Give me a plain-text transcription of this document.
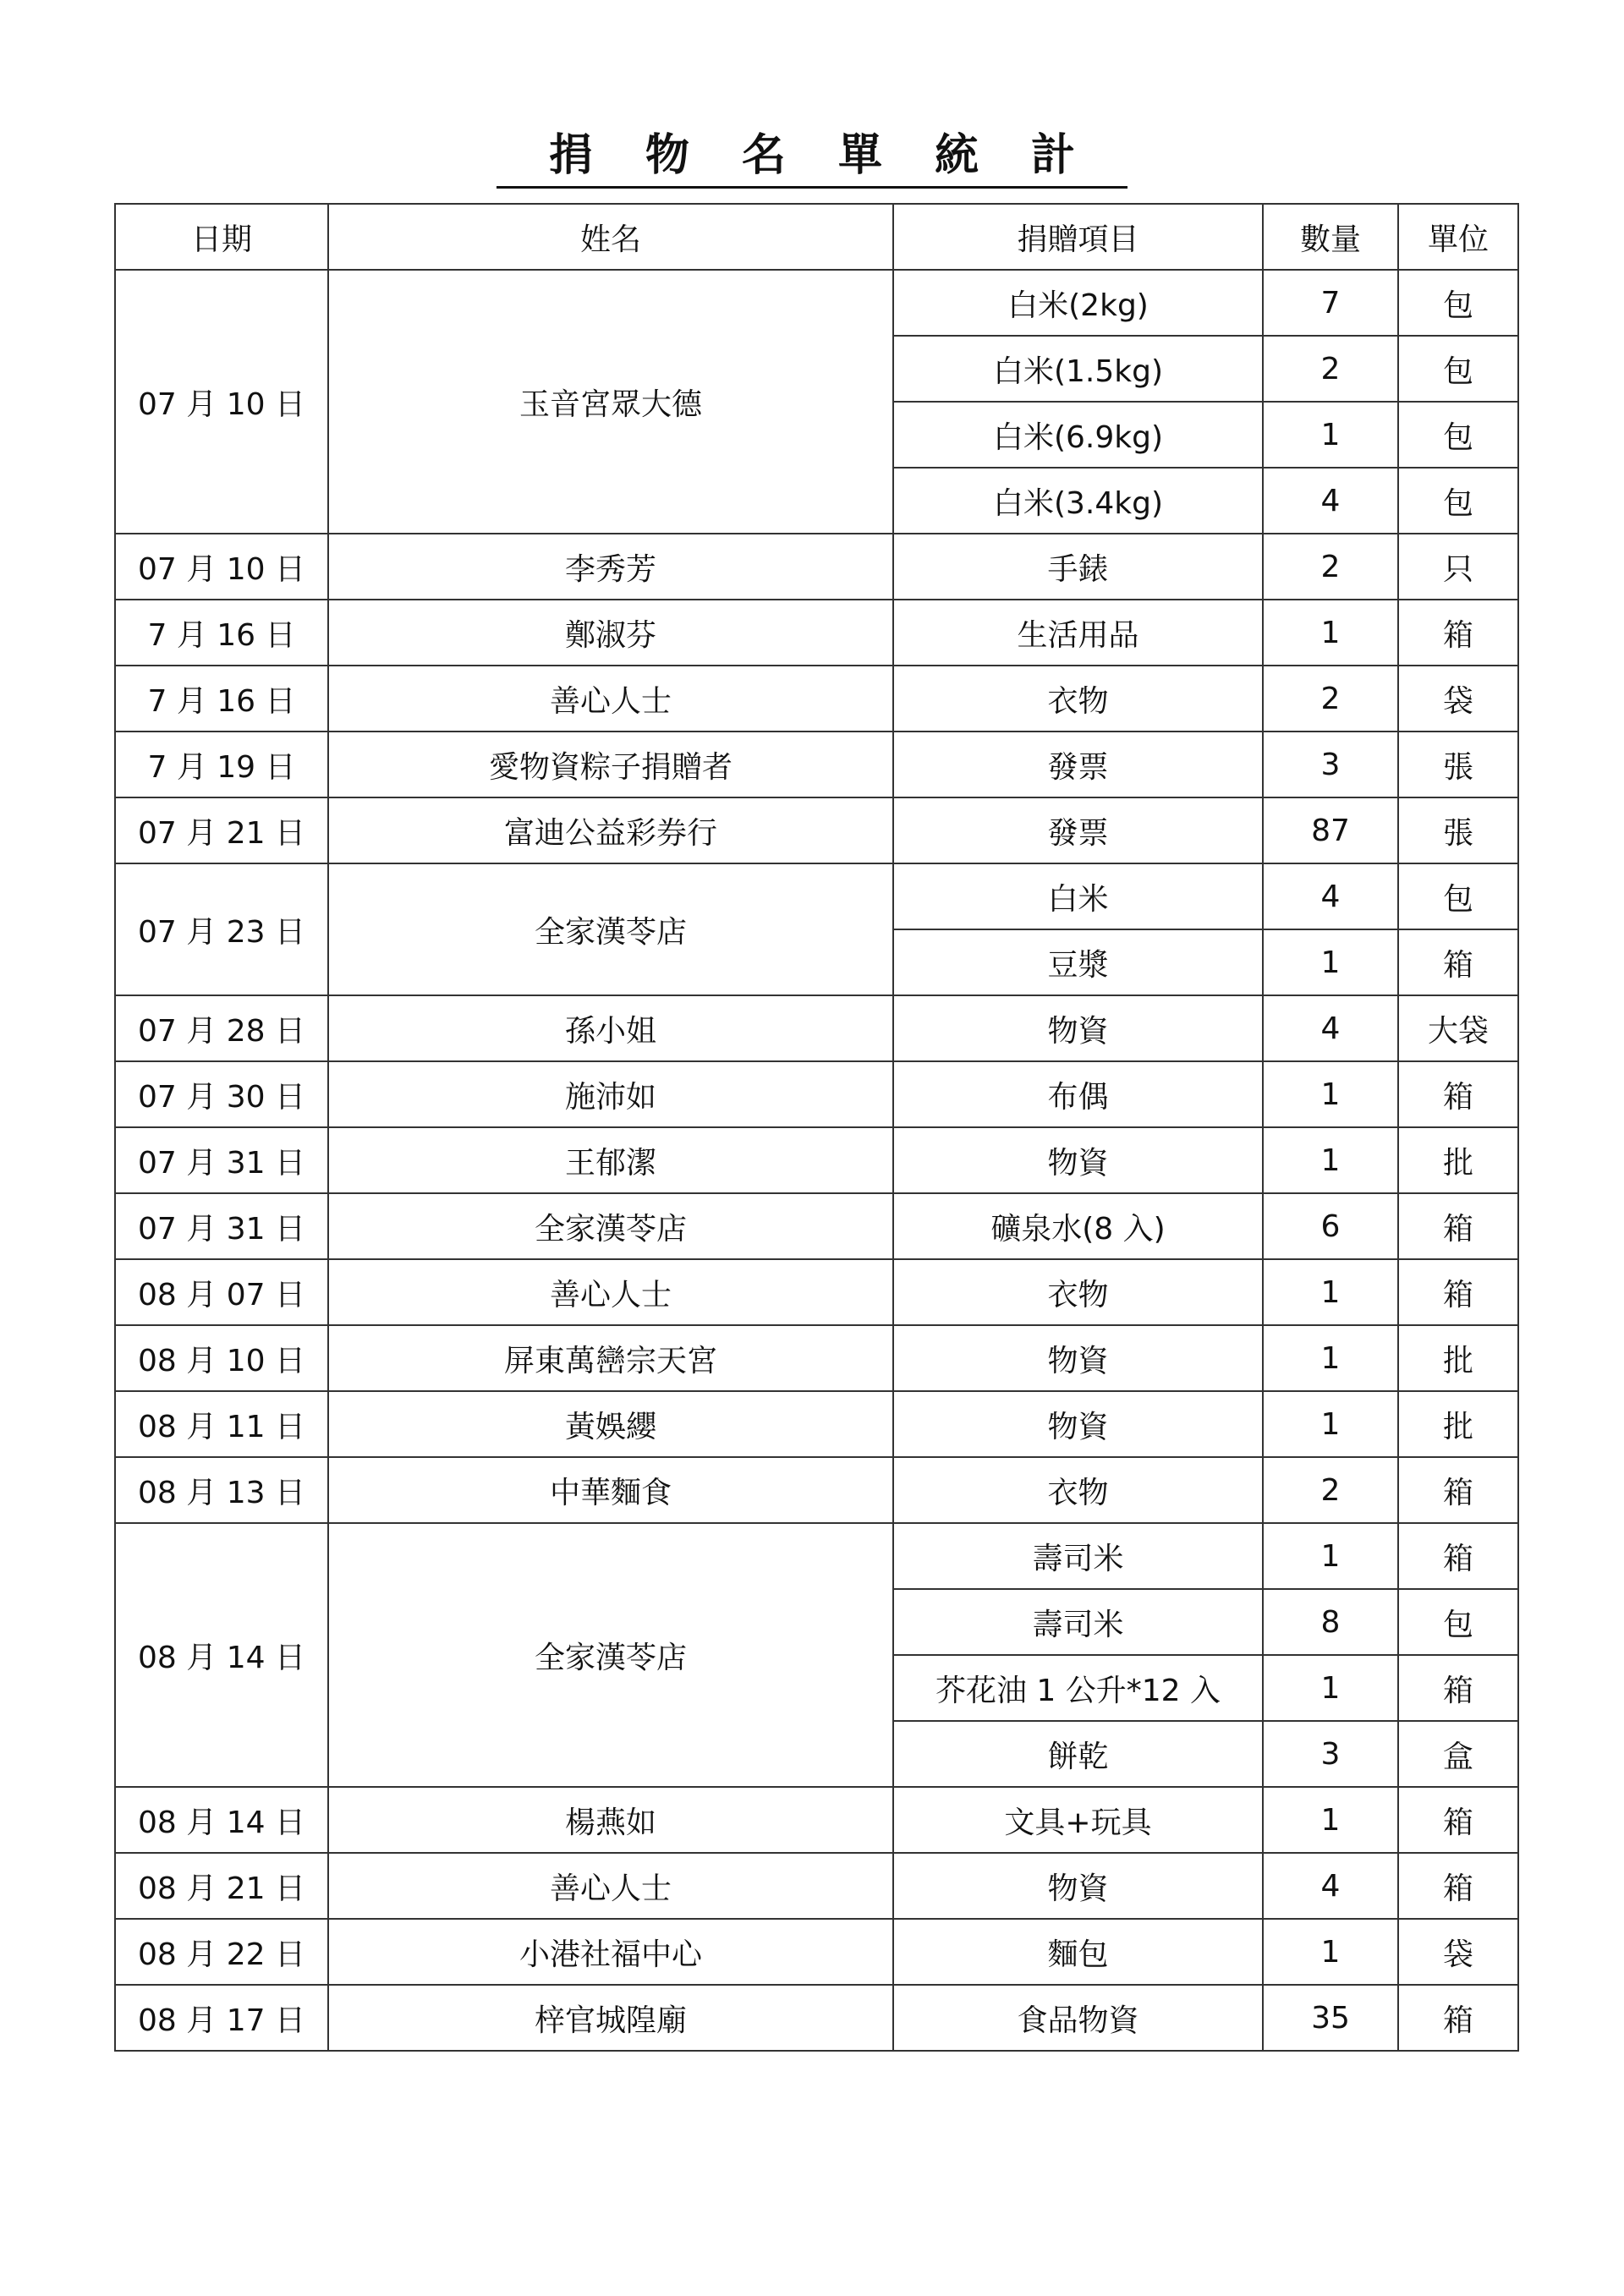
捐物名單統計
日期	姓名	捐贈項目	數量	單位
07 月 10 日	玉音宮眾大德	白米(2kg)	7	包
		白米(1.5kg)	2	包
		白米(6.9kg)	1	包
		白米(3.4kg)	4	包
07 月 10 日	李秀芳	手錶	2	只
7 月 16 日	鄭淑芬	生活用品	1	箱
7 月 16 日	善心人士	衣物	2	袋
7 月 19 日	愛物資粽子捐贈者	發票	3	張
07 月 21 日	富迪公益彩券行	發票	87	張
07 月 23 日	全家漢苓店	白米	4	包
		豆漿	1	箱
07 月 28 日	孫小姐	物資	4	大袋
07 月 30 日	施沛如	布偶	1	箱
07 月 31 日	王郁潔	物資	1	批
07 月 31 日	全家漢苓店	礦泉水(8 入)	6	箱
08 月 07 日	善心人士	衣物	1	箱
08 月 10 日	屏東萬巒宗天宮	物資	1	批
08 月 11 日	黃娛纓	物資	1	批
08 月 13 日	中華麵食	衣物	2	箱
08 月 14 日	全家漢苓店	壽司米	1	箱
		壽司米	8	包
		芥花油 1 公升*12 入	1	箱
		餅乾	3	盒
08 月 14 日	楊燕如	文具+玩具	1	箱
08 月 21 日	善心人士	物資	4	箱
08 月 22 日	小港社福中心	麵包	1	袋
08 月 17 日	梓官城隍廟	食品物資	35	箱
